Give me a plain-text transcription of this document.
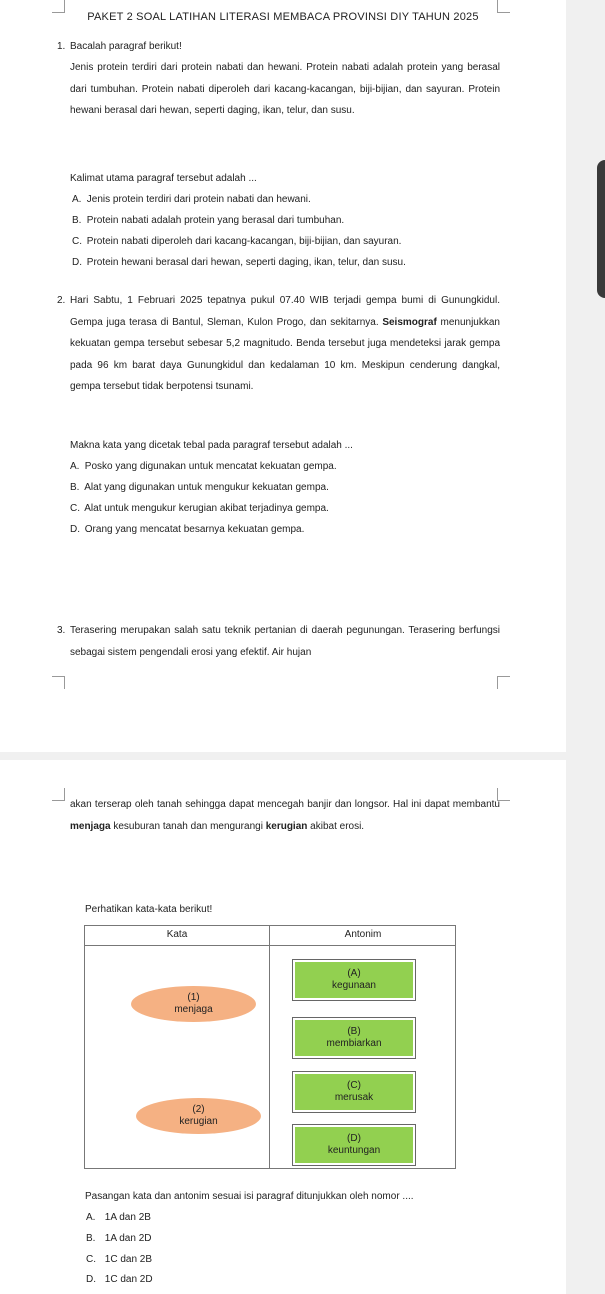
PAKET 2 SOAL LATIHAN LITERASI MEMBACA PROVINSI DIY TAHUN 2025
1. Bacalah paragraf berikut!

Jenis protein terdiri dari protein nabati dan hewani. Protein nabati adalah protein yang berasal dari tumbuhan. Protein nabati diperoleh dari kacang-kacangan, biji-bijian, dan sayuran. Protein hewani berasal dari hewan, seperti daging, ikan, telur, dan susu.

Kalimat utama paragraf tersebut adalah ...
A. Jenis protein terdiri dari protein nabati dan hewani.
B. Protein nabati adalah protein yang berasal dari tumbuhan.
C. Protein nabati diperoleh dari kacang-kacangan, biji-bijian, dan sayuran.
D. Protein hewani berasal dari hewan, seperti daging, ikan, telur, dan susu.
2. Hari Sabtu, 1 Februari 2025 tepatnya pukul 07.40 WIB terjadi gempa bumi di Gunungkidul. Gempa juga terasa di Bantul, Sleman, Kulon Progo, dan sekitarnya. Seismograf menunjukkan kekuatan gempa tersebut sebesar 5,2 magnitudo. Benda tersebut juga mendeteksi jarak gempa pada 96 km barat daya Gunungkidul dan kedalaman 10 km. Meskipun cenderung dangkal, gempa tersebut tidak berpotensi tsunami.

Makna kata yang dicetak tebal pada paragraf tersebut adalah ...
A. Posko yang digunakan untuk mencatat kekuatan gempa.
B. Alat yang digunakan untuk mengukur kekuatan gempa.
C. Alat untuk mengukur kerugian akibat terjadinya gempa.
D. Orang yang mencatat besarnya kekuatan gempa.
3. Terasering merupakan salah satu teknik pertanian di daerah pegunungan. Terasering berfungsi sebagai sistem pengendali erosi yang efektif. Air hujan

akan terserap oleh tanah sehingga dapat mencegah banjir dan longsor. Hal ini dapat membantu menjaga kesuburan tanah dan mengurangi kerugian akibat erosi.

Perhatikan kata-kata berikut!
Kata	Antonim
(1)
menjaga
(2)
kerugian
(A)
kegunaan
(B)
membiarkan
(C)
merusak
(D)
keuntungan
Pasangan kata dan antonim sesuai isi paragraf ditunjukkan oleh nomor ....
A. 1A dan 2B
B. 1A dan 2D
C. 1C dan 2B
D. 1C dan 2D
